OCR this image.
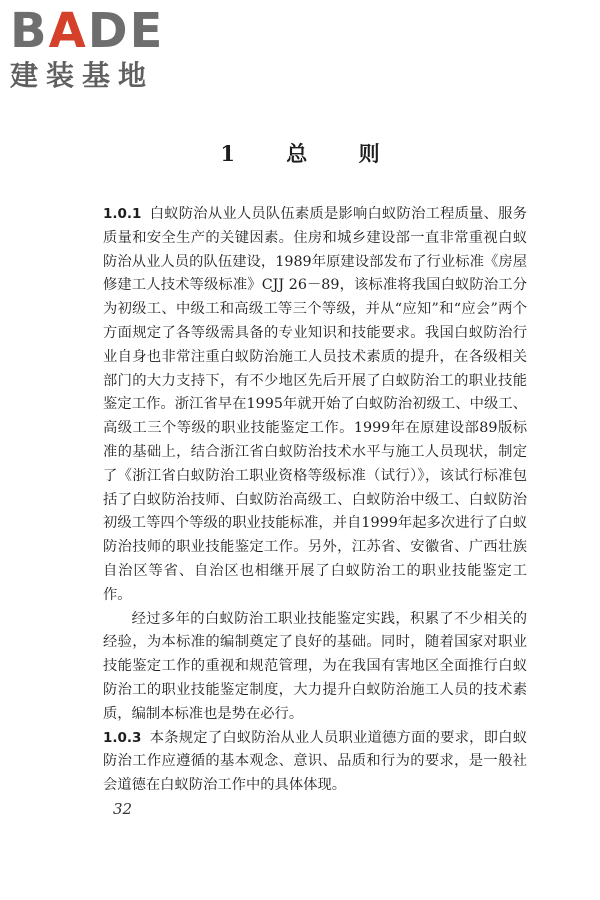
BADE
建装基地
1 总 则

1.0.1 白蚁防治从业人员队伍素质是影响白蚁防治工程质量、服务质量和安全生产的关键因素。住房和城乡建设部一直非常重视白蚁防治从业人员的队伍建设，1989年原建设部发布了行业标准《房屋修建工人技术等级标准》CJJ 26－89，该标准将我国白蚁防治工分为初级工、中级工和高级工等三个等级，并从“应知”和“应会”两个方面规定了各等级需具备的专业知识和技能要求。我国白蚁防治行业自身也非常注重白蚁防治施工人员技术素质的提升，在各级相关部门的大力支持下，有不少地区先后开展了白蚁防治工的职业技能鉴定工作。浙江省早在1995年就开始了白蚁防治初级工、中级工、高级工三个等级的职业技能鉴定工作。1999年在原建设部89版标准的基础上，结合浙江省白蚁防治技术水平与施工人员现状，制定了《浙江省白蚁防治工职业资格等级标准（试行）》，该试行标准包括了白蚁防治技师、白蚁防治高级工、白蚁防治中级工、白蚁防治初级工等四个等级的职业技能标准，并自1999年起多次进行了白蚁防治技师的职业技能鉴定工作。另外，江苏省、安徽省、广西壮族自治区等省、自治区也相继开展了白蚁防治工的职业技能鉴定工作。

经过多年的白蚁防治工职业技能鉴定实践，积累了不少相关的经验，为本标准的编制奠定了良好的基础。同时，随着国家对职业技能鉴定工作的重视和规范管理，为在我国有害地区全面推行白蚁防治工的职业技能鉴定制度，大力提升白蚁防治施工人员的技术素质，编制本标准也是势在必行。

1.0.3 本条规定了白蚁防治从业人员职业道德方面的要求，即白蚁防治工作应遵循的基本观念、意识、品质和行为的要求，是一般社会道德在白蚁防治工作中的具体体现。

32
